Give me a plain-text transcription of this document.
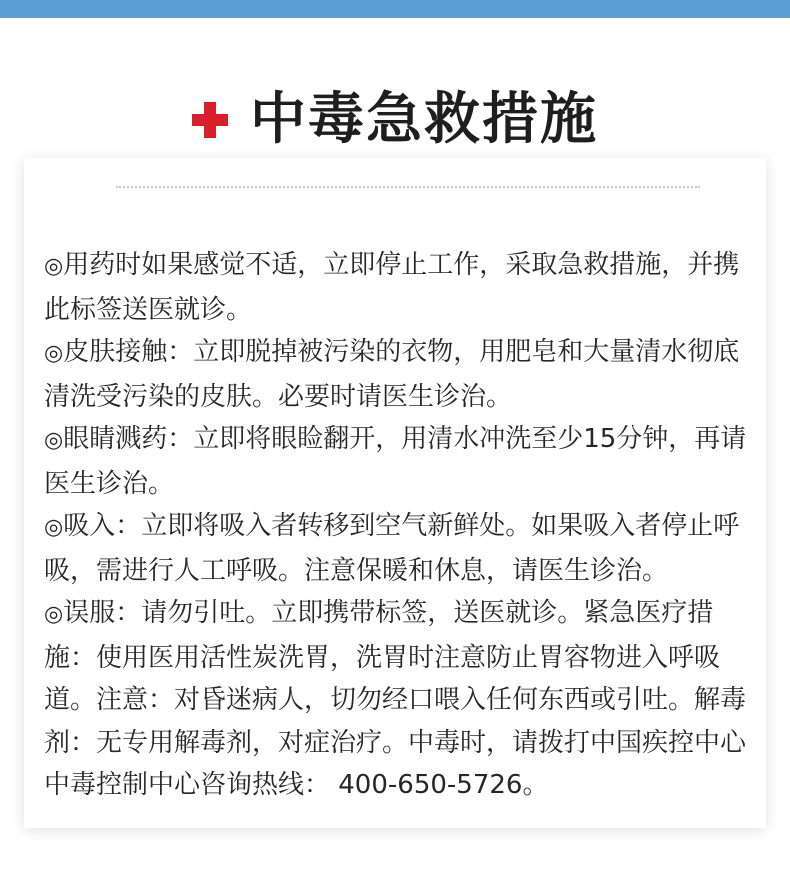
中毒急救措施

◎用药时如果感觉不适，立即停止工作，采取急救措施，并携此标签送医就诊。

◎皮肤接触：立即脱掉被污染的衣物，用肥皂和大量清水彻底清洗受污染的皮肤。必要时请医生诊治。

◎眼睛溅药：立即将眼睑翻开，用清水冲洗至少15分钟，再请医生诊治。

◎吸入：立即将吸入者转移到空气新鲜处。如果吸入者停止呼吸，需进行人工呼吸。注意保暖和休息，请医生诊治。

◎误服：请勿引吐。立即携带标签，送医就诊。紧急医疗措施：使用医用活性炭洗胃，洗胃时注意防止胃容物进入呼吸道。注意：对昏迷病人，切勿经口喂入任何东西或引吐。解毒剂：无专用解毒剂，对症治疗。中毒时，请拨打中国疾控中心中毒控制中心咨询热线： 400-650-5726。
